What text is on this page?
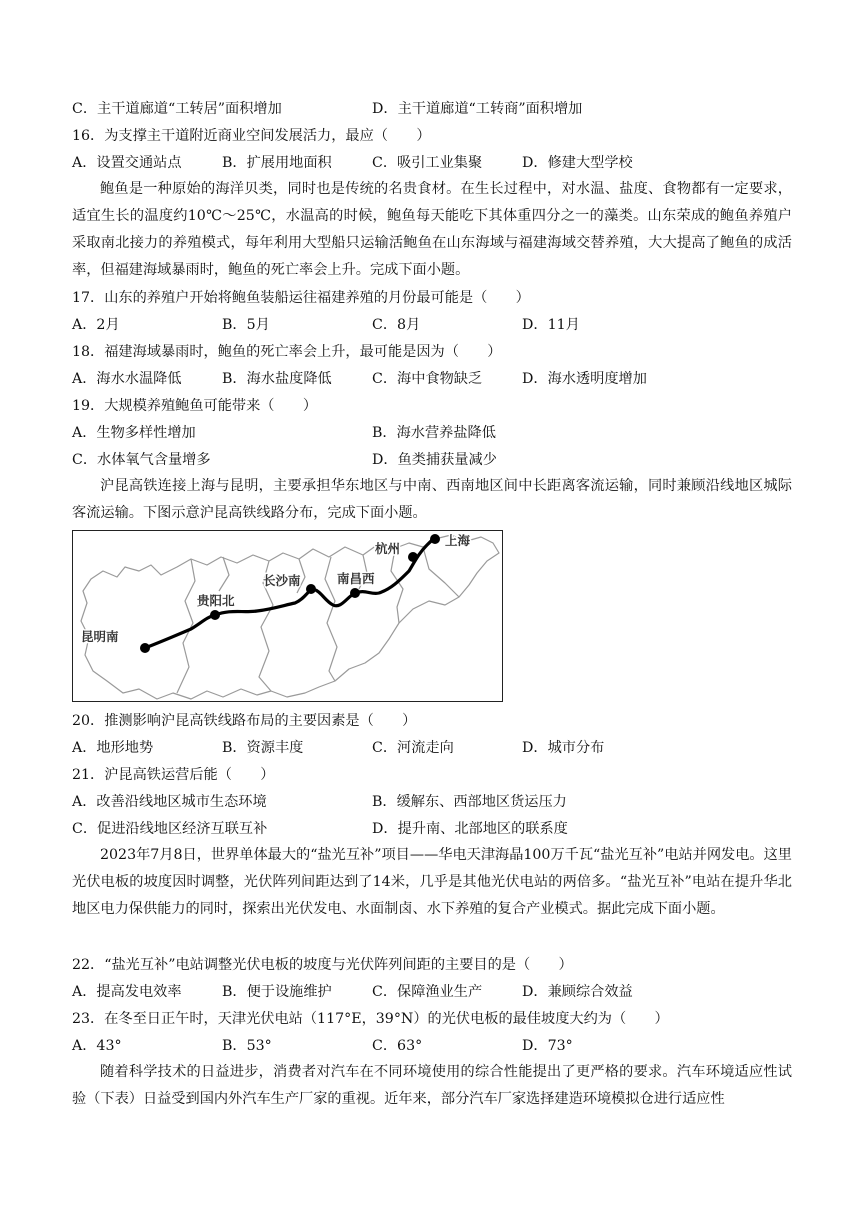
C．主干道廊道“工转居”面积增加	D．主干道廊道“工转商”面积增加
16．为支撑主干道附近商业空间发展活力，最应（　　）
A．设置交通站点	B．扩展用地面积	C．吸引工业集聚	D．修建大型学校
鲍鱼是一种原始的海洋贝类，同时也是传统的名贵食材。在生长过程中，对水温、盐度、食物都有一定要求，适宜生长的温度约10℃～25℃，水温高的时候，鲍鱼每天能吃下其体重四分之一的藻类。山东荣成的鲍鱼养殖户采取南北接力的养殖模式，每年利用大型船只运输活鲍鱼在山东海域与福建海域交替养殖，大大提高了鲍鱼的成活率，但福建海域暴雨时，鲍鱼的死亡率会上升。完成下面小题。
17．山东的养殖户开始将鲍鱼装船运往福建养殖的月份最可能是（　　）
A．2月	B．5月	C．8月	D．11月
18．福建海域暴雨时，鲍鱼的死亡率会上升，最可能是因为（　　）
A．海水水温降低	B．海水盐度降低	C．海中食物缺乏	D．海水透明度增加
19．大规模养殖鲍鱼可能带来（　　）
A．生物多样性增加	B．海水营养盐降低
C．水体氧气含量增多	D．鱼类捕获量减少
沪昆高铁连接上海与昆明，主要承担华东地区与中南、西南地区间中长距离客流运输，同时兼顾沿线地区城际客流运输。下图示意沪昆高铁线路分布，完成下面小题。
上海
杭州
南昌西
长沙南
贵阳北
昆明南
20．推测影响沪昆高铁线路布局的主要因素是（　　）
A．地形地势	B．资源丰度	C．河流走向	D．城市分布
21．沪昆高铁运营后能（　　）
A．改善沿线地区城市生态环境	B．缓解东、西部地区货运压力
C．促进沿线地区经济互联互补	D．提升南、北部地区的联系度
2023年7月8日，世界单体最大的“盐光互补”项目——华电天津海晶100万千瓦“盐光互补”电站并网发电。这里光伏电板的坡度因时调整，光伏阵列间距达到了14米，几乎是其他光伏电站的两倍多。“盐光互补”电站在提升华北地区电力保供能力的同时，探索出光伏发电、水面制卤、水下养殖的复合产业模式。据此完成下面小题。
22．“盐光互补”电站调整光伏电板的坡度与光伏阵列间距的主要目的是（　　）
A．提高发电效率	B．便于设施维护	C．保障渔业生产	D．兼顾综合效益
23．在冬至日正午时，天津光伏电站（117°E，39°N）的光伏电板的最佳坡度大约为（　　）
A．43°	B．53°	C．63°	D．73°
随着科学技术的日益进步，消费者对汽车在不同环境使用的综合性能提出了更严格的要求。汽车环境适应性试验（下表）日益受到国内外汽车生产厂家的重视。近年来，部分汽车厂家选择建造环境模拟仓进行适应性
